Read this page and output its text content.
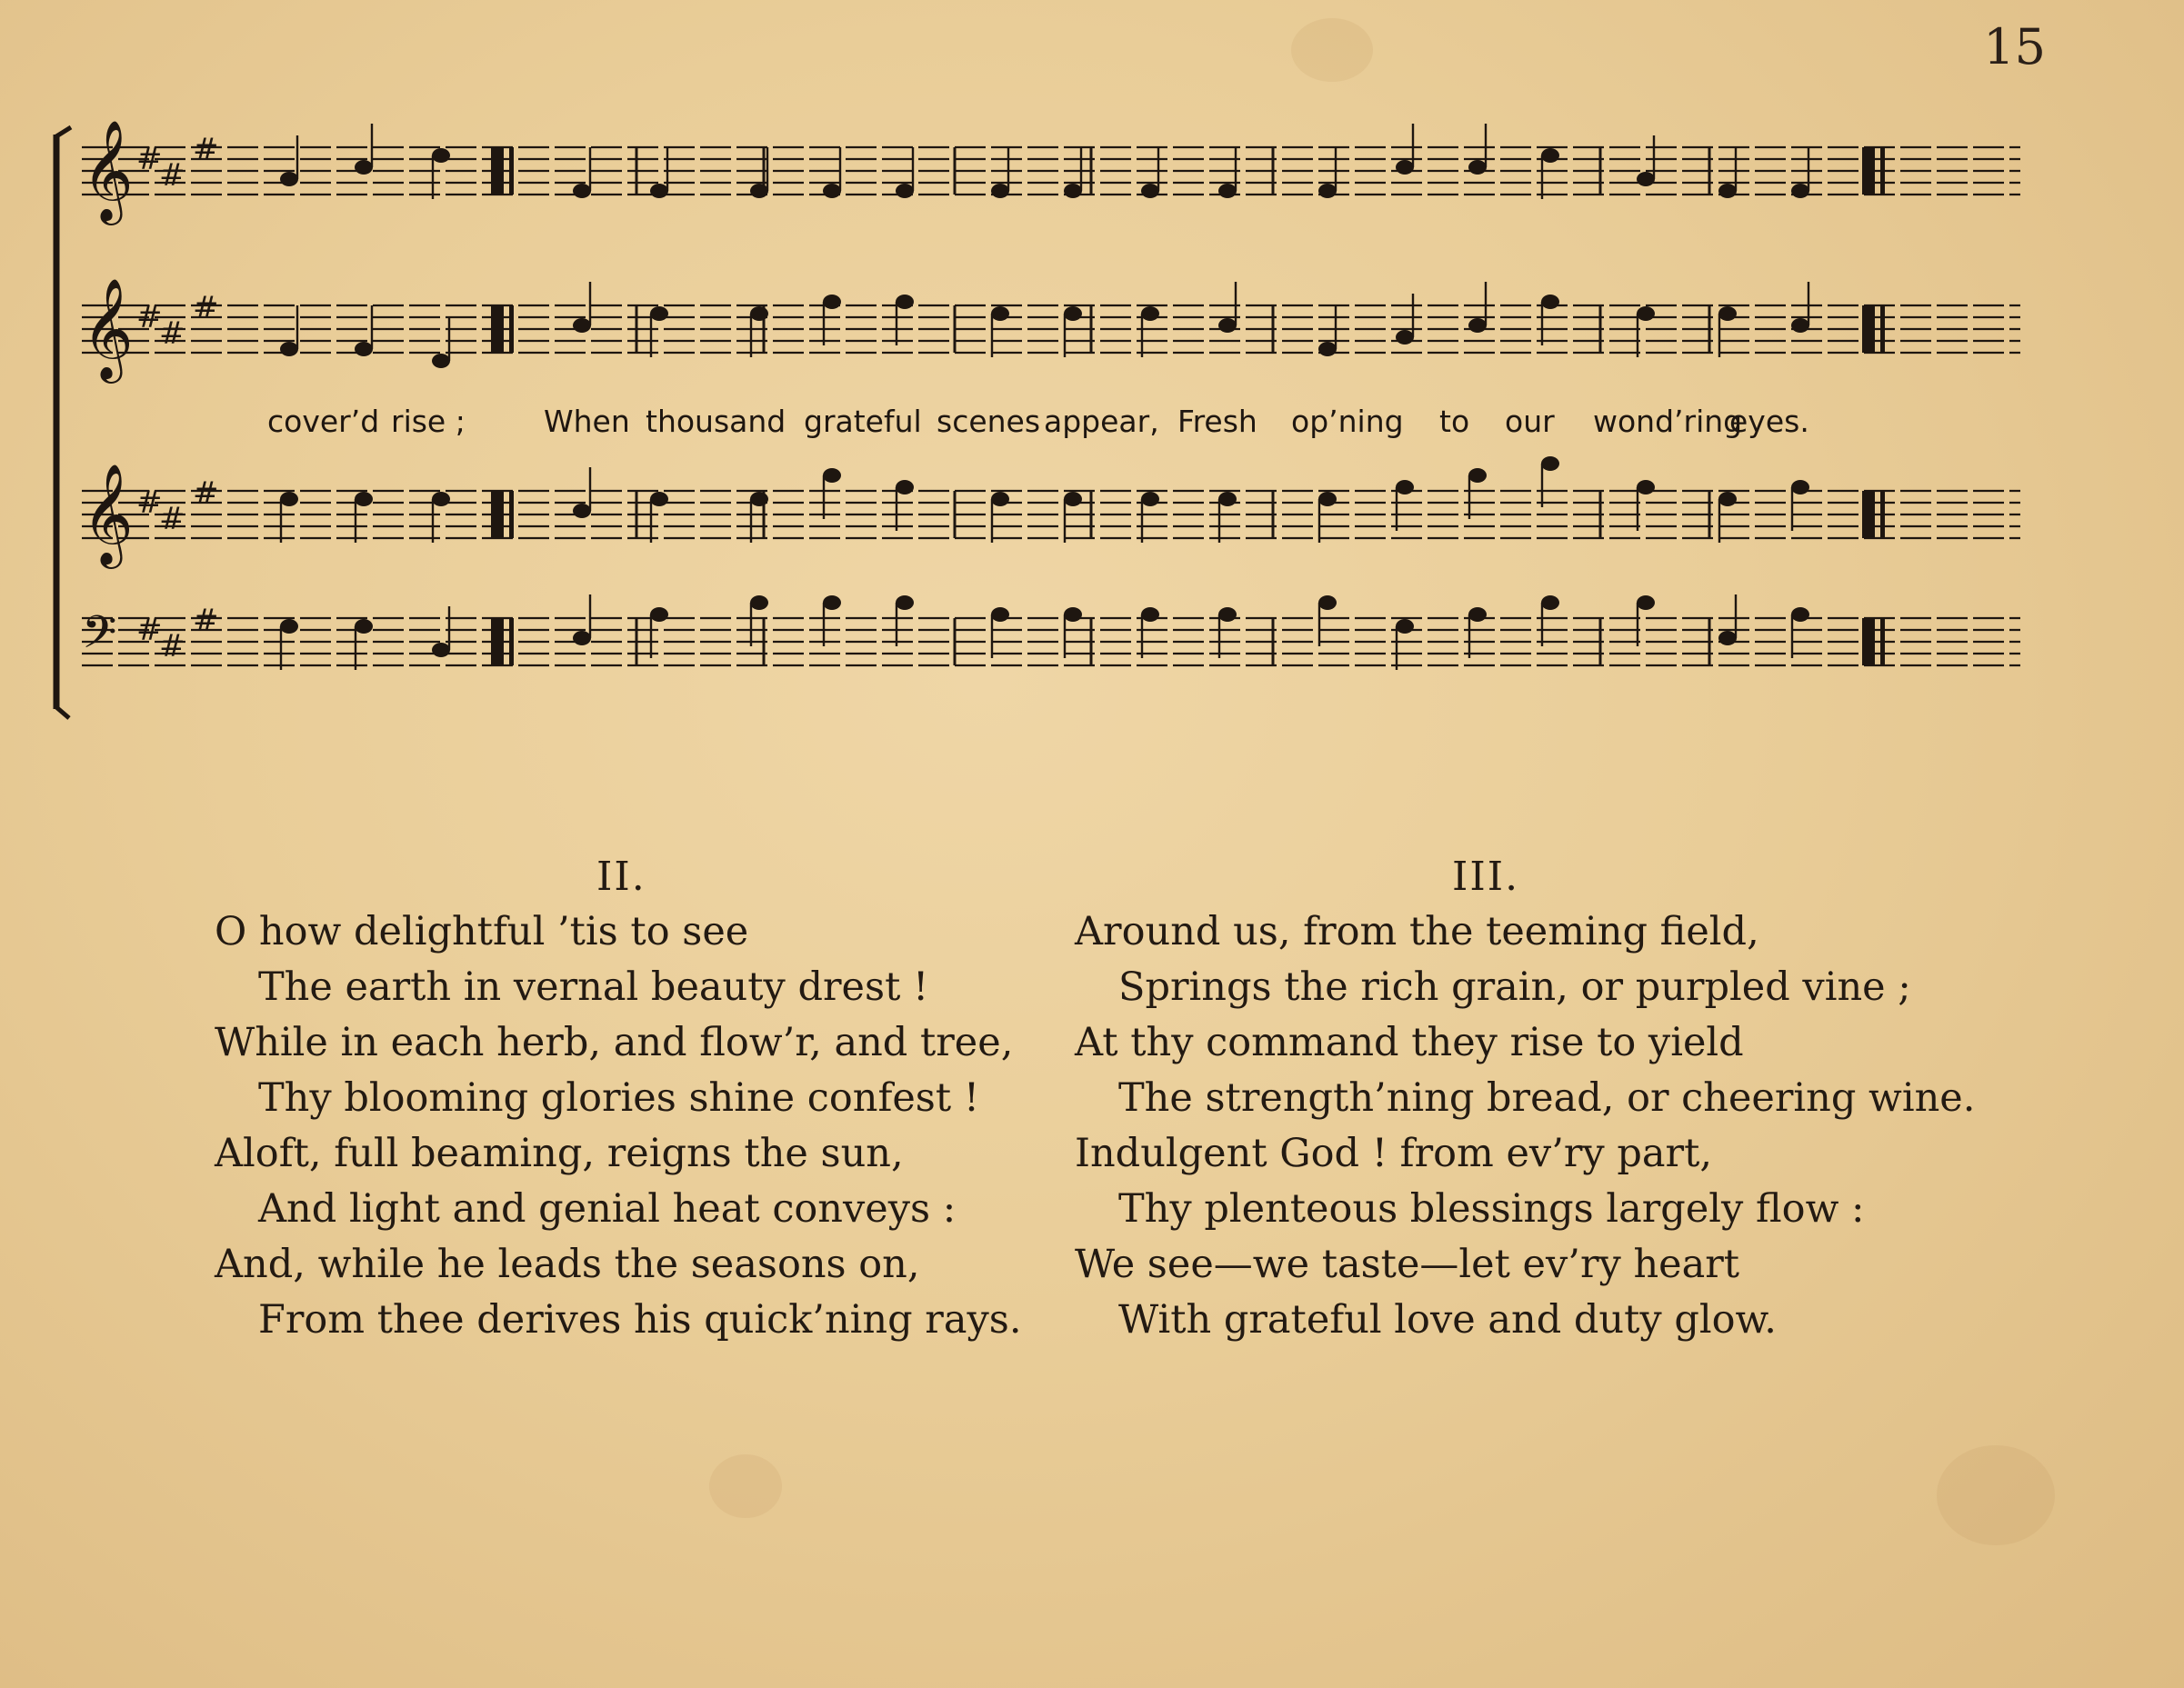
15
𝄞 #
#
#
𝄞 #
#
#
𝄞 #
#
#
𝄢 #
#
#
cover’d rise ;	When thousand grateful scenes appear, Fresh op’ning to our wond’ring
eyes.
II.
O how delightful ’tis to see
The earth in vernal beauty drest !
While in each herb, and flow’r, and tree,
Thy blooming glories shine confest !
Aloft, full beaming, reigns the sun,
And light and genial heat conveys :
And, while he leads the seasons on,
From thee derives his quick’ning rays.
III.
Around us, from the teeming field,
Springs the rich grain, or purpled vine ;
At thy command they rise to yield
The strength’ning bread, or cheering wine.
Indulgent God ! from ev’ry part,
Thy plenteous blessings largely flow :
We see—we taste—let ev’ry heart
With grateful love and duty glow.
